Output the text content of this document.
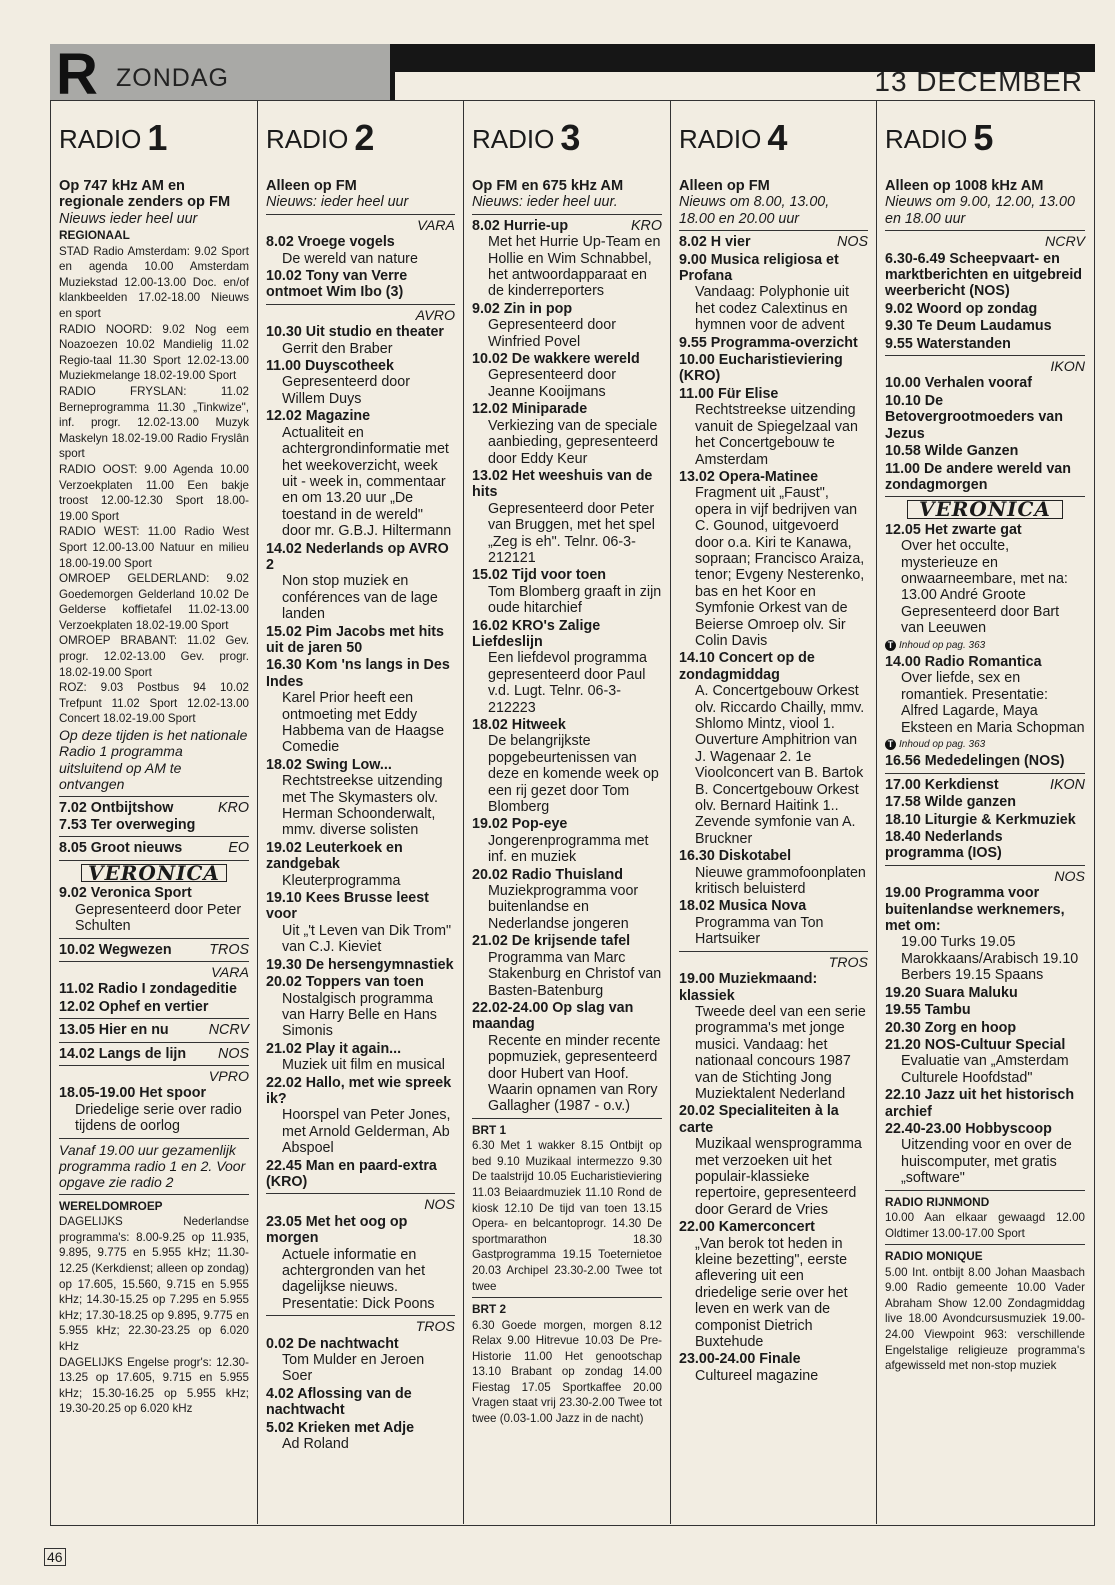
R ZONDAG	13 DECEMBER
RADIO 1
Op 747 kHz AM en regionale zenders op FM
Nieuws ieder heel uur
REGIONAAL
STAD Radio Amsterdam: 9.02 Sport en agenda 10.00 Amsterdam Muziekstad 12.00-13.00 Doc. en/of klankbeelden 17.02-18.00 Nieuws en sport
RADIO NOORD: 9.02 Nog eem Noazoezen 10.02 Mandielig 11.02 Regio-taal 11.30 Sport 12.02-13.00 Muziekmelange 18.02-19.00 Sport
RADIO FRYSLAN: 11.02 Berneprogramma 11.30 „Tinkwize", inf. progr. 12.02-13.00 Muzyk Maskelyn 18.02-19.00 Radio Fryslân sport
RADIO OOST: 9.00 Agenda 10.00 Verzoekplaten 11.00 Een bakje troost 12.00-12.30 Sport 18.00-19.00 Sport
RADIO WEST: 11.00 Radio West Sport 12.00-13.00 Natuur en milieu 18.00-19.00 Sport
OMROEP GELDERLAND: 9.02 Goedemorgen Gelderland 10.02 De Gelderse koffietafel 11.02-13.00 Verzoekplaten 18.02-19.00 Sport
OMROEP BRABANT: 11.02 Gev. progr. 12.02-13.00 Gev. progr. 18.02-19.00 Sport
ROZ: 9.03 Postbus 94 10.02 Trefpunt 11.02 Sport 12.02-13.00 Concert 18.02-19.00 Sport
Op deze tijden is het nationale Radio 1 programma uitsluitend op AM te ontvangen
7.02 Ontbijtshow	KRO
7.53 Ter overweging
8.05 Groot nieuws	EO
VERONICA
9.02 Veronica Sport
Gepresenteerd door Peter Schulten
10.02 Wegwezen	TROS
VARA
11.02 Radio I zondageditie
12.02 Ophef en vertier
13.05 Hier en nu	NCRV
14.02 Langs de lijn NOS
VPRO
18.05-19.00 Het spoor
Driedelige serie over radio tijdens de oorlog
Vanaf 19.00 uur gezamenlijk programma radio 1 en 2. Voor opgave zie radio 2
WERELDOMROEP
DAGELIJKS Nederlandse programma's: 8.00-9.25 op 11.935, 9.895, 9.775 en 5.955 kHz; 11.30-12.25 (Kerkdienst; alleen op zondag) op 17.605, 15.560, 9.715 en 5.955 kHz; 14.30-15.25 op 7.295 en 5.955 kHz; 17.30-18.25 op 9.895, 9.775 en 5.955 kHz; 22.30-23.25 op 6.020 kHz
DAGELIJKS Engelse progr's: 12.30-13.25 op 17.605, 9.715 en 5.955 kHz; 15.30-16.25 op 5.955 kHz; 19.30-20.25 op 6.020 kHz
RADIO 2
Alleen op FM
Nieuws: ieder heel uur
VARA
8.02 Vroege vogels
De wereld van nature
10.02 Tony van Verre ontmoet Wim Ibo (3)
AVRO
10.30 Uit studio en theater
Gerrit den Braber
11.00 Duyscotheek
Gepresenteerd door Willem Duys
12.02 Magazine
Actualiteit en achtergrondinformatie met het weekoverzicht, week uit - week in, commentaar en om 13.20 uur „De toestand in de wereld" door mr. G.B.J. Hiltermann
14.02 Nederlands op AVRO 2
Non stop muziek en conférences van de lage landen
15.02 Pim Jacobs met hits uit de jaren 50
16.30 Kom 'ns langs in Des Indes
Karel Prior heeft een ontmoeting met Eddy Habbema van de Haagse Comedie
18.02 Swing Low...
Rechtstreekse uitzending met The Skymasters olv. Herman Schoonderwalt, mmv. diverse solisten
19.02 Leuterkoek en zandgebak
Kleuterprogramma
19.10 Kees Brusse leest voor
Uit „'t Leven van Dik Trom" van C.J. Kieviet
19.30 De hersengymnastiek
20.02 Toppers van toen
Nostalgisch programma van Harry Belle en Hans Simonis
21.02 Play it again...
Muziek uit film en musical
22.02 Hallo, met wie spreek ik?
Hoorspel van Peter Jones, met Arnold Gelderman, Ab Abspoel
22.45 Man en paard-extra (KRO)
NOS
23.05 Met het oog op morgen
Actuele informatie en achtergronden van het dagelijkse nieuws. Presentatie: Dick Poons
TROS
0.02 De nachtwacht
Tom Mulder en Jeroen Soer
4.02 Aflossing van de nachtwacht
5.02 Krieken met Adje
Ad Roland
RADIO 3
Op FM en 675 kHz AM
Nieuws: ieder heel uur.
8.02 Hurrie-up	KRO
Met het Hurrie Up-Team en Hollie en Wim Schnabbel, het antwoordapparaat en de kinderreporters
9.02 Zin in pop
Gepresenteerd door Winfried Povel
10.02 De wakkere wereld
Gepresenteerd door Jeanne Kooijmans
12.02 Miniparade
Verkiezing van de speciale aanbieding, gepresenteerd door Eddy Keur
13.02 Het weeshuis van de hits
Gepresenteerd door Peter van Bruggen, met het spel „Zeg is eh". Telnr. 06-3-212121
15.02 Tijd voor toen
Tom Blomberg graaft in zijn oude hitarchief
16.02 KRO's Zalige Liefdeslijn
Een liefdevol programma gepresenteerd door Paul v.d. Lugt. Telnr. 06-3-212223
18.02 Hitweek
De belangrijkste popgebeurtenissen van deze en komende week op een rij gezet door Tom Blomberg
19.02 Pop-eye
Jongerenprogramma met inf. en muziek
20.02 Radio Thuisland
Muziekprogramma voor buitenlandse en Nederlandse jongeren
21.02 De krijsende tafel
Programma van Marc Stakenburg en Christof van Basten-Batenburg
22.02-24.00 Op slag van maandag
Recente en minder recente popmuziek, gepresenteerd door Hubert van Hoof. Waarin opnamen van Rory Gallagher (1987 - o.v.)
BRT 1
6.30 Met 1 wakker 8.15 Ontbijt op bed 9.10 Muzikaal intermezzo 9.30 De taalstrijd 10.05 Eucharistieviering 11.03 Beiaardmuziek 11.10 Rond de kiosk 12.10 De tijd van toen 13.15 Opera- en belcantoprogr. 14.30 De sportmarathon 18.30 Gastprogramma 19.15 Toeternietoe 20.03 Archipel 23.30-2.00 Twee tot twee
BRT 2
6.30 Goede morgen, morgen 8.12 Relax 9.00 Hitrevue 10.03 De Pre-Historie 11.00 Het genootschap 13.10 Brabant op zondag 14.00 Fiestag 17.05 Sportkaffee 20.00 Vragen staat vrij 23.30-2.00 Twee tot twee (0.03-1.00 Jazz in de nacht)
RADIO 4
Alleen op FM
Nieuws om 8.00, 13.00, 18.00 en 20.00 uur
8.02 H vier	NOS
9.00 Musica religiosa et Profana
Vandaag: Polyphonie uit het codez Calextinus en hymnen voor de advent
9.55 Programma-overzicht
10.00 Eucharistieviering (KRO)
11.00 Für Elise
Rechtstreekse uitzending vanuit de Spiegelzaal van het Concertgebouw te Amsterdam
13.02 Opera-Matinee
Fragment uit „Faust", opera in vijf bedrijven van C. Gounod, uitgevoerd door o.a. Kiri te Kanawa, sopraan; Francisco Araiza, tenor; Evgeny Nesterenko, bas en het Koor en Symfonie Orkest van de Beierse Omroep olv. Sir Colin Davis
14.10 Concert op de zondagmiddag
A. Concertgebouw Orkest olv. Riccardo Chailly, mmv. Shlomo Mintz, viool 1. Ouverture Amphitrion van J. Wagenaar 2. 1e Vioolconcert van B. Bartok B. Concertgebouw Orkest olv. Bernard Haitink 1.. Zevende symfonie van A. Bruckner
16.30 Diskotabel
Nieuwe grammofoonplaten kritisch beluisterd
18.02 Musica Nova
Programma van Ton Hartsuiker
TROS
19.00 Muziekmaand: klassiek
Tweede deel van een serie programma's met jonge musici. Vandaag: het nationaal concours 1987 van de Stichting Jong Muziektalent Nederland
20.02 Specialiteiten à la carte
Muzikaal wensprogramma met verzoeken uit het populair-klassieke repertoire, gepresenteerd door Gerard de Vries
22.00 Kamerconcert
„Van berok tot heden in kleine bezetting", eerste aflevering uit een driedelige serie over het leven en werk van de componist Dietrich Buxtehude
23.00-24.00 Finale
Cultureel magazine
RADIO 5
Alleen op 1008 kHz AM
Nieuws om 9.00, 12.00, 13.00 en 18.00 uur
NCRV
6.30-6.49 Scheepvaart- en marktberichten en uitgebreid weerbericht (NOS)
9.02 Woord op zondag
9.30 Te Deum Laudamus
9.55 Waterstanden
IKON
10.00 Verhalen vooraf
10.10 De Betovergrootmoeders van Jezus
10.58 Wilde Ganzen
11.00 De andere wereld van zondagmorgen
VERONICA
12.05 Het zwarte gat
Over het occulte, mysterieuze en onwaarneembare, met na: 13.00 André Groote Gepresenteerd door Bart van Leeuwen
T Inhoud op pag. 363
14.00 Radio Romantica
Over liefde, sex en romantiek. Presentatie: Alfred Lagarde, Maya Eksteen en Maria Schopman
T Inhoud op pag. 363
16.56 Mededelingen (NOS)
17.00 Kerkdienst	IKON
17.58 Wilde ganzen
18.10 Liturgie & Kerkmuziek
18.40 Nederlands programma (IOS)
NOS
19.00 Programma voor buitenlandse werknemers, met om:
19.00 Turks 19.05 Marokkaans/Arabisch 19.10 Berbers 19.15 Spaans
19.20 Suara Maluku
19.55 Tambu
20.30 Zorg en hoop
21.20 NOS-Cultuur Special
Evaluatie van „Amsterdam Culturele Hoofdstad"
22.10 Jazz uit het historisch archief
22.40-23.00 Hobbyscoop
Uitzending voor en over de huiscomputer, met gratis „software"
RADIO RIJNMOND
10.00 Aan elkaar gewaagd 12.00 Oldtimer 13.00-17.00 Sport
RADIO MONIQUE
5.00 Int. ontbijt 8.00 Johan Maasbach 9.00 Radio gemeente 10.00 Vader Abraham Show 12.00 Zondagmiddag live 18.00 Avondcursusmuziek 19.00-24.00 Viewpoint 963: verschillende Engelstalige religieuze programma's afgewisseld met non-stop muziek
46
